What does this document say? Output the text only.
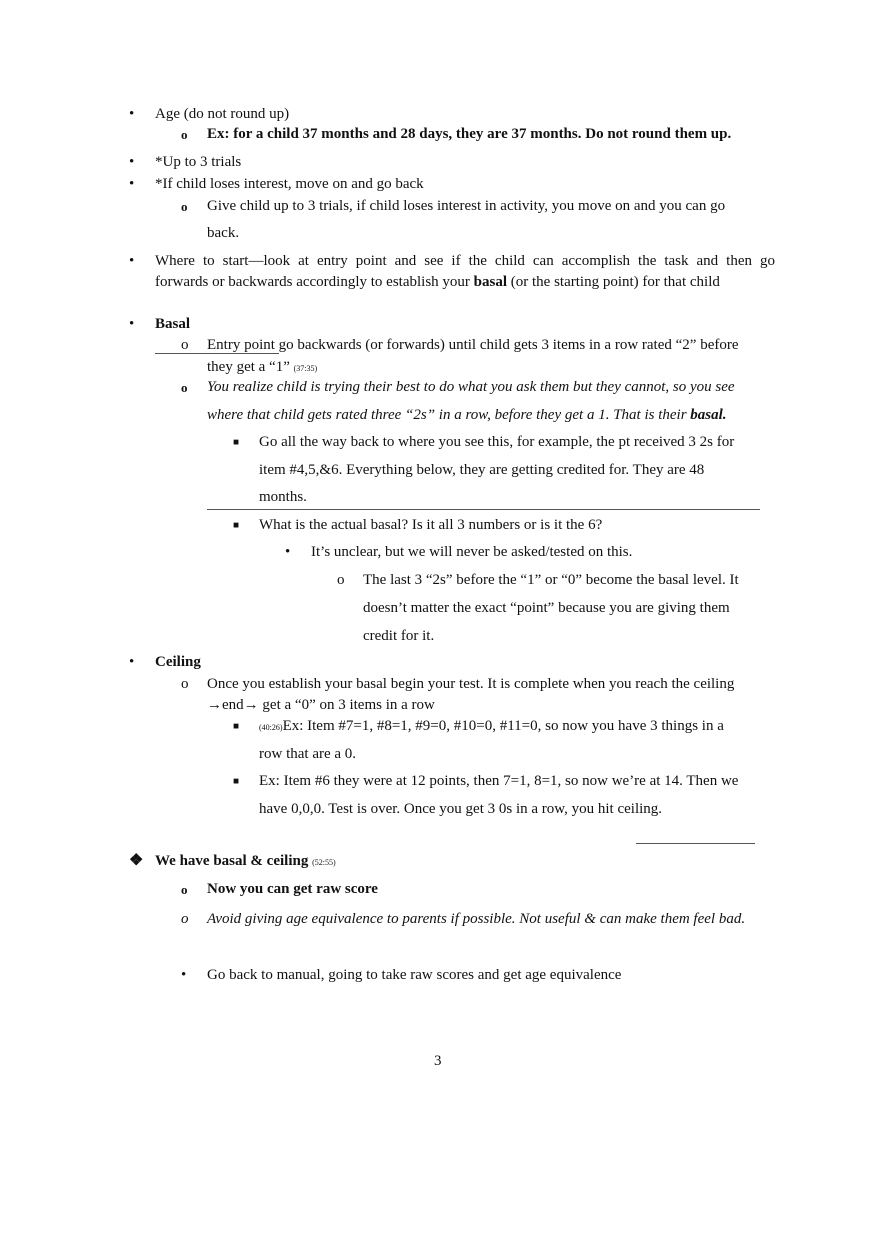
• Age (do not round up)
o Ex: for a child 37 months and 28 days, they are 37 months. Do not round them up.
• *Up to 3 trials
• *If child loses interest, move on and go back
o Give child up to 3 trials, if child loses interest in activity, you move on and you can go
back.
• Where to start—look at entry point and see if the child can accomplish the task and then go
forwards or backwards accordingly to establish your basal (or the starting point) for that child
• Basal
o Entry point go backwards (or forwards) until child gets 3 items in a row rated “2” before
they get a “1” (37:35)
o You realize child is trying their best to do what you ask them but they cannot, so you see
where that child gets rated three “2s” in a row, before they get a 1. That is their basal.
■ Go all the way back to where you see this, for example, the pt received 3 2s for
item #4,5,&6. Everything below, they are getting credited for. They are 48
months.
■ What is the actual basal? Is it all 3 numbers or is it the 6?
• It’s unclear, but we will never be asked/tested on this.
o The last 3 “2s” before the “1” or “0” become the basal level. It
doesn’t matter the exact “point” because you are giving them
credit for it.
• Ceiling
o Once you establish your basal begin your test. It is complete when you reach the ceiling
→end→ get a “0” on 3 items in a row
■ (40:26)Ex: Item #7=1, #8=1, #9=0, #10=0, #11=0, so now you have 3 things in a
row that are a 0.
■ Ex: Item #6 they were at 12 points, then 7=1, 8=1, so now we’re at 14. Then we
have 0,0,0. Test is over. Once you get 3 0s in a row, you hit ceiling.
❖ We have basal & ceiling (52:55)
o Now you can get raw score
o Avoid giving age equivalence to parents if possible. Not useful & can make them feel bad.
• Go back to manual, going to take raw scores and get age equivalence
3
